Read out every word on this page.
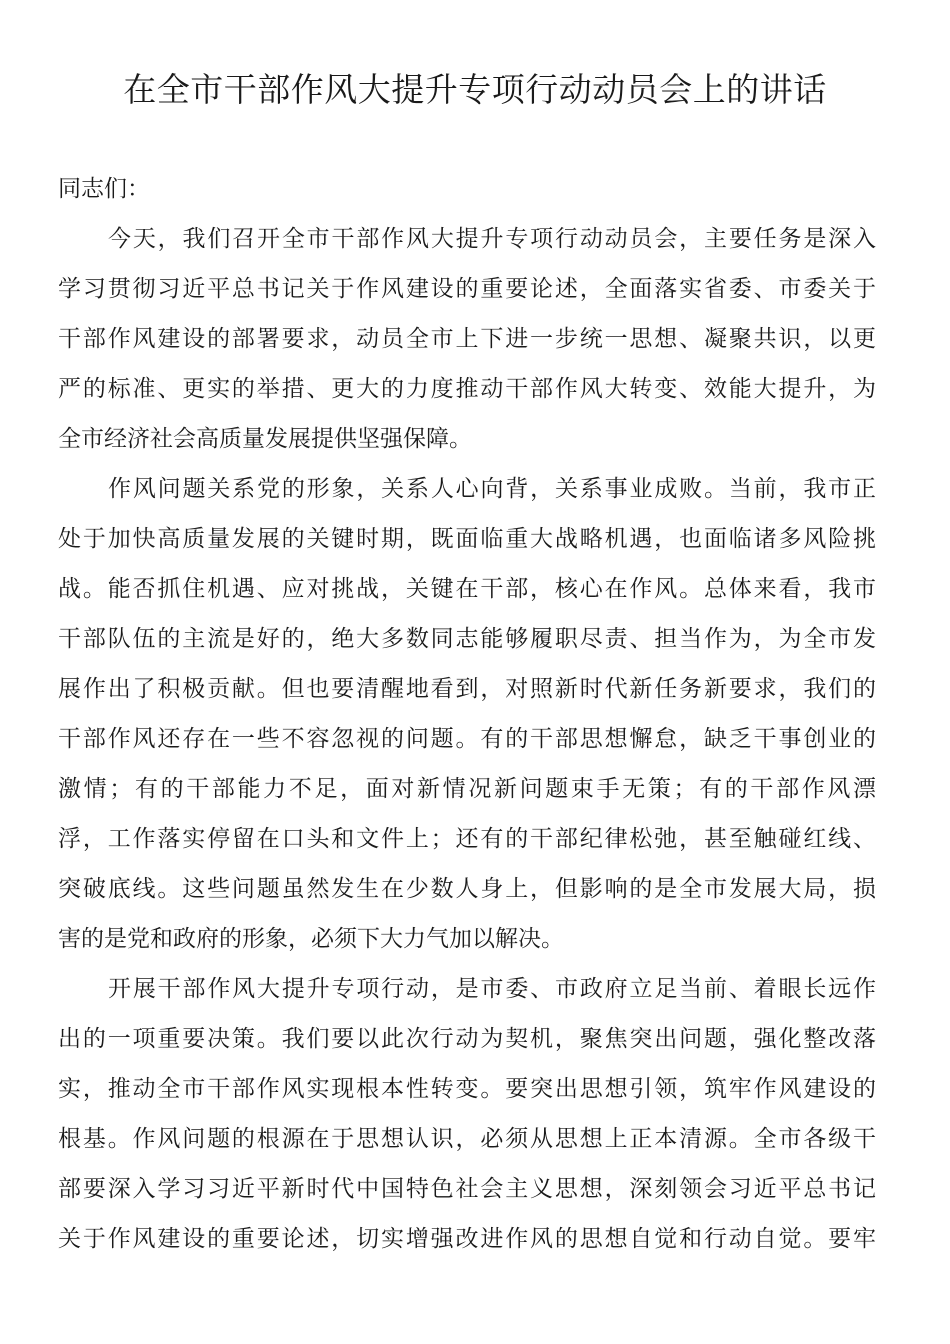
在全市干部作风大提升专项行动动员会上的讲话

同志们：

今天，我们召开全市干部作风大提升专项行动动员会，主要任务是深入
学习贯彻习近平总书记关于作风建设的重要论述，全面落实省委、市委关于
干部作风建设的部署要求，动员全市上下进一步统一思想、凝聚共识，以更
严的标准、更实的举措、更大的力度推动干部作风大转变、效能大提升，为
全市经济社会高质量发展提供坚强保障。
作风问题关系党的形象，关系人心向背，关系事业成败。当前，我市正
处于加快高质量发展的关键时期，既面临重大战略机遇，也面临诸多风险挑
战。能否抓住机遇、应对挑战，关键在干部，核心在作风。总体来看，我市
干部队伍的主流是好的，绝大多数同志能够履职尽责、担当作为，为全市发
展作出了积极贡献。但也要清醒地看到，对照新时代新任务新要求，我们的
干部作风还存在一些不容忽视的问题。有的干部思想懈怠，缺乏干事创业的
激情；有的干部能力不足，面对新情况新问题束手无策；有的干部作风漂
浮，工作落实停留在口头和文件上；还有的干部纪律松弛，甚至触碰红线、
突破底线。这些问题虽然发生在少数人身上，但影响的是全市发展大局，损
害的是党和政府的形象，必须下大力气加以解决。
开展干部作风大提升专项行动，是市委、市政府立足当前、着眼长远作
出的一项重要决策。我们要以此次行动为契机，聚焦突出问题，强化整改落
实，推动全市干部作风实现根本性转变。要突出思想引领，筑牢作风建设的
根基。作风问题的根源在于思想认识，必须从思想上正本清源。全市各级干
部要深入学习习近平新时代中国特色社会主义思想，深刻领会习近平总书记
关于作风建设的重要论述，切实增强改进作风的思想自觉和行动自觉。要牢
